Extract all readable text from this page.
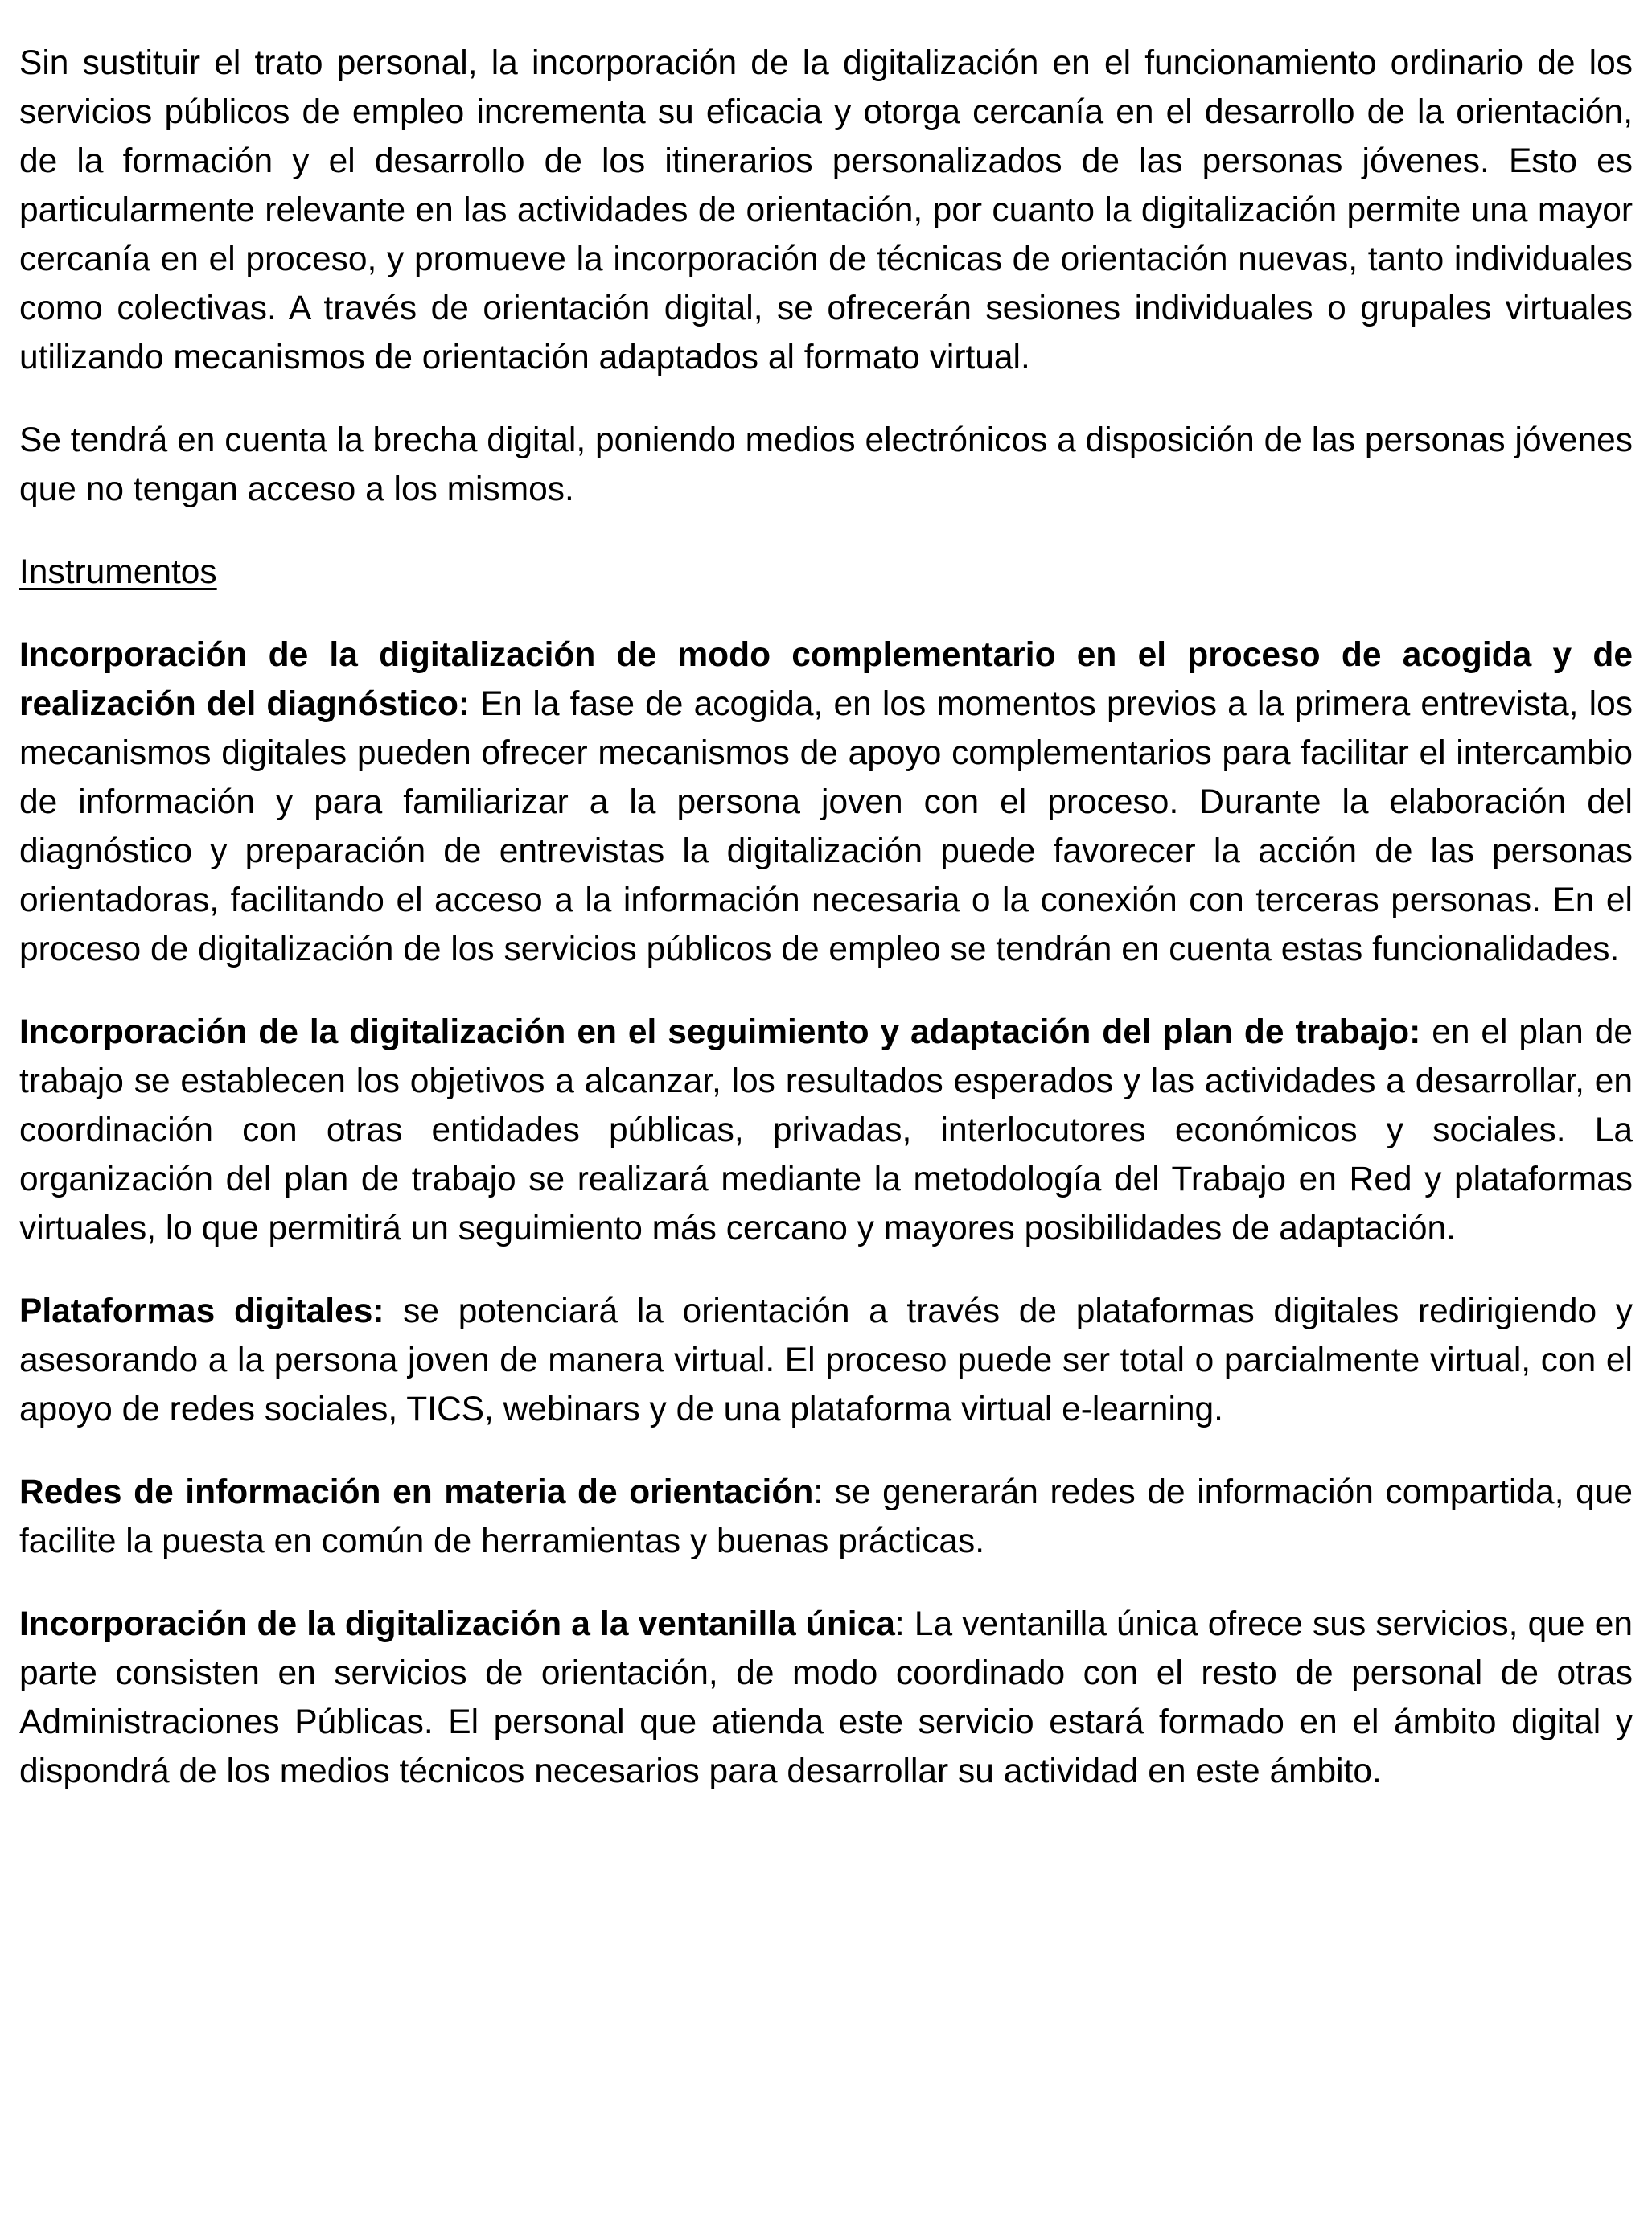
Sin sustituir el trato personal, la incorporación de la digitalización en el funcionamiento ordinario de los servicios públicos de empleo incrementa su eficacia y otorga cercanía en el desarrollo de la orientación, de la formación y el desarrollo de los itinerarios personalizados de las personas jóvenes. Esto es particularmente relevante en las actividades de orientación, por cuanto la digitalización permite una mayor cercanía en el proceso, y promueve la incorporación de técnicas de orientación nuevas, tanto individuales como colectivas. A través de orientación digital, se ofrecerán sesiones individuales o grupales virtuales utilizando mecanismos de orientación adaptados al formato virtual.

Se tendrá en cuenta la brecha digital, poniendo medios electrónicos a disposición de las personas jóvenes que no tengan acceso a los mismos.

Instrumentos

Incorporación de la digitalización de modo complementario en el proceso de acogida y de realización del diagnóstico: En la fase de acogida, en los momentos previos a la primera entrevista, los mecanismos digitales pueden ofrecer mecanismos de apoyo complementarios para facilitar el intercambio de información y para familiarizar a la persona joven con el proceso. Durante la elaboración del diagnóstico y preparación de entrevistas la digitalización puede favorecer la acción de las personas orientadoras, facilitando el acceso a la información necesaria o la conexión con terceras personas. En el proceso de digitalización de los servicios públicos de empleo se tendrán en cuenta estas funcionalidades.

Incorporación de la digitalización en el seguimiento y adaptación del plan de trabajo: en el plan de trabajo se establecen los objetivos a alcanzar, los resultados esperados y las actividades a desarrollar, en coordinación con otras entidades públicas, privadas, interlocutores económicos y sociales. La organización del plan de trabajo se realizará mediante la metodología del Trabajo en Red y plataformas virtuales, lo que permitirá un seguimiento más cercano y mayores posibilidades de adaptación.

Plataformas digitales: se potenciará la orientación a través de plataformas digitales redirigiendo y asesorando a la persona joven de manera virtual. El proceso puede ser total o parcialmente virtual, con el apoyo de redes sociales, TICS, webinars y de una plataforma virtual e-learning.

Redes de información en materia de orientación: se generarán redes de información compartida, que facilite la puesta en común de herramientas y buenas prácticas.

Incorporación de la digitalización a la ventanilla única: La ventanilla única ofrece sus servicios, que en parte consisten en servicios de orientación, de modo coordinado con el resto de personal de otras Administraciones Públicas. El personal que atienda este servicio estará formado en el ámbito digital y dispondrá de los medios técnicos necesarios para desarrollar su actividad en este ámbito.
